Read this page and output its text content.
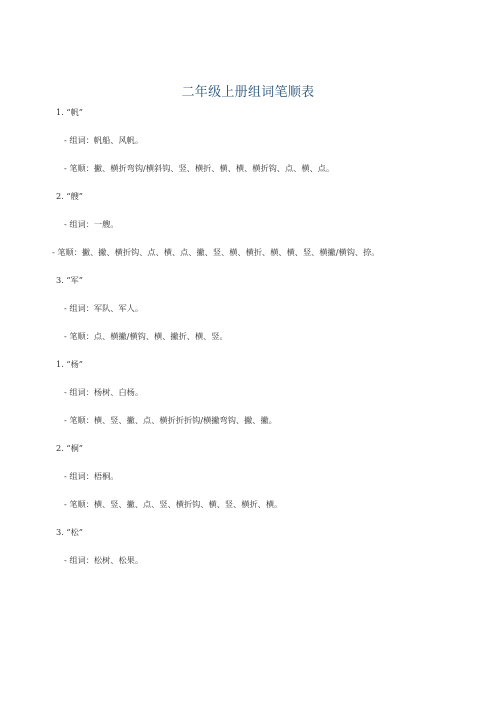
二年级上册组词笔顺表

1. “帆”

- 组词：帆船、风帆。

- 笔顺：撇、横折弯钩/横斜钩、竖、横折、横、横、横折钩、点、横、点。

2. “艘”

- 组词：一艘。

- 笔顺：撇、撇、横折钩、点、横、点、撇、竖、横、横折、横、横、竖、横撇/横钩、捺。

3. “军”

- 组词：军队、军人。

- 笔顺：点、横撇/横钩、横、撇折、横、竖。

1. “杨”

- 组词：杨树、白杨。

- 笔顺：横、竖、撇、点、横折折折钩/横撇弯钩、撇、撇。

2. “桐”

- 组词：梧桐。

- 笔顺：横、竖、撇、点、竖、横折钩、横、竖、横折、横。

3. “松”

- 组词：松树、松果。
